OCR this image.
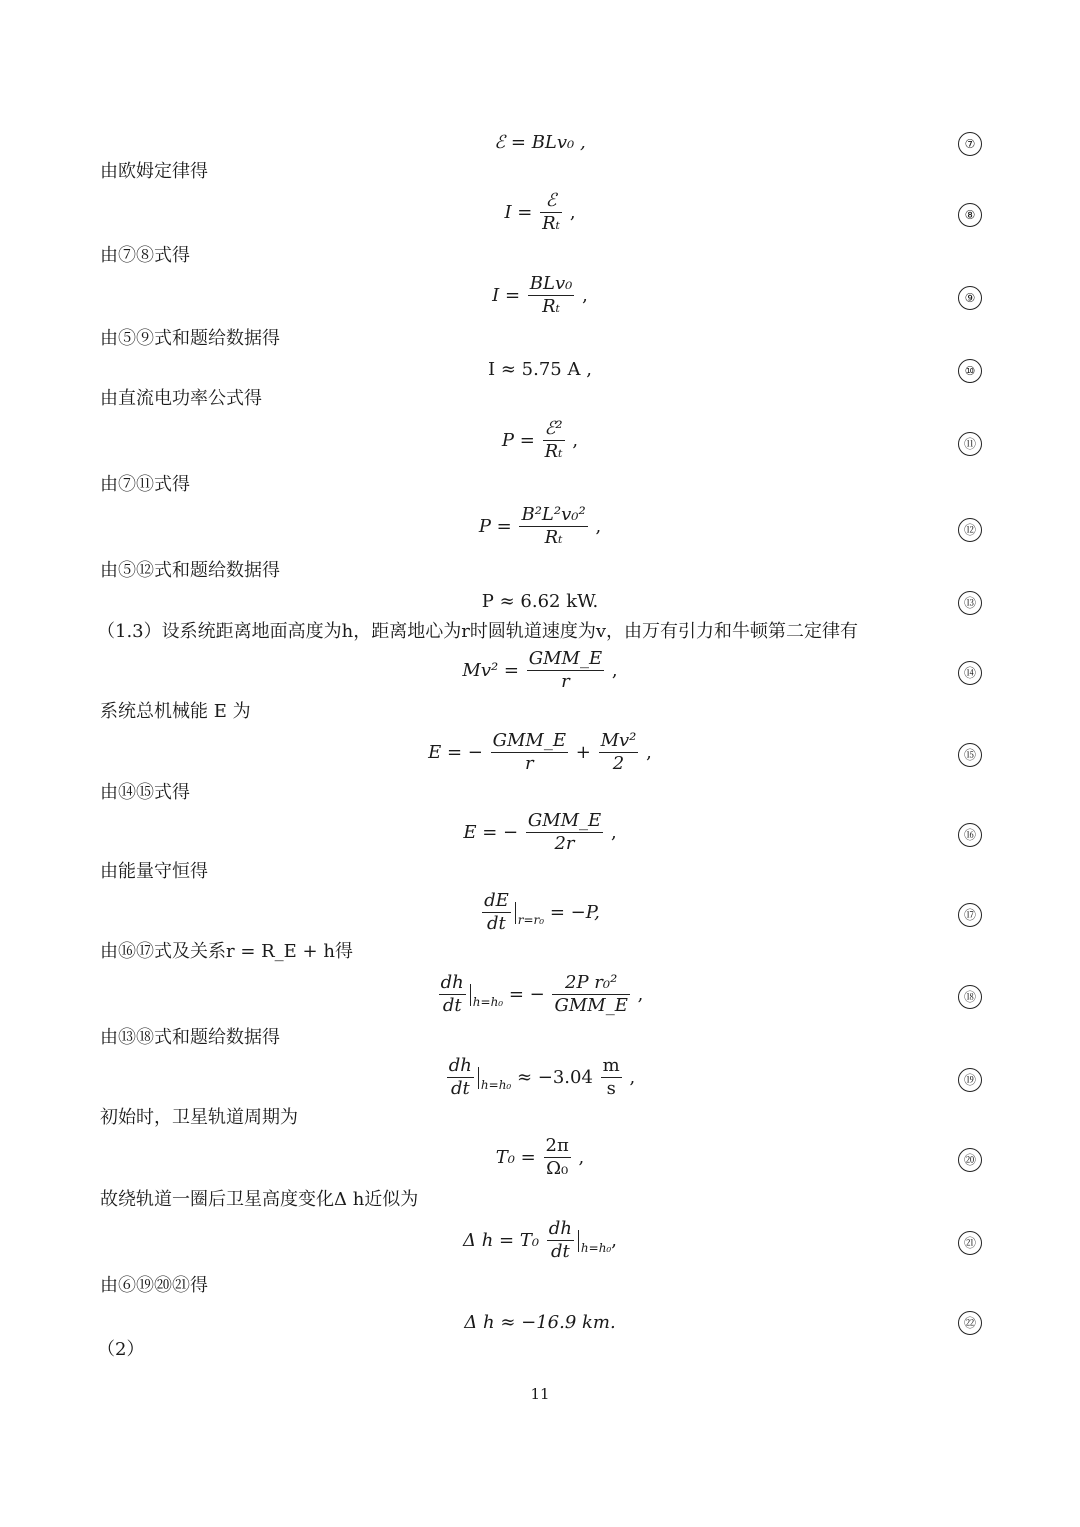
ℰ = BLv₀ ,	⑦
由欧姆定律得
$I = \frac{\text{ℰ}}{\text{Rₜ}}$ ,	⑧
由⑦⑧式得
$I = \frac{\text{BLv₀}}{\text{Rₜ}}$ ,	⑨
由⑤⑨式和题给数据得
I ≈ 5.75 A ,	⑩
由直流电功率公式得
$P = \frac{\text{ℰ²}}{\text{Rₜ}}$ ,	⑪
由⑦⑪式得
$P = \frac{\text{B²L²v₀²}}{\text{Rₜ}}$ ,	⑫
由⑤⑫式和题给数据得
P ≈ 6.62 kW.	⑬
（1.3）设系统距离地面高度为h，距离地心为r时圆轨道速度为v，由万有引力和牛顿第二定律有
$Mv^2 = \frac{\text{GMM\_E}}{r}$ ,	⑭
系统总机械能 E 为
E = − $\frac{\text{GMM\_E}}{r} + \frac{\text{Mv²}}{2}$ ,	⑮
由⑭⑮式得
E = − $\frac{\text{GMM\_E}}{2r}$ ,	⑯
由能量守恒得
$\frac{dE}{dt} r=r_0 = -P$,	⑰
由⑯⑰式及关系r = R_E + h得
$\frac{dh}{dt} h=h_0$ = − $\frac{\text{2P r₀²}}{\text{GMM\_E}}$ ,	⑱
由⑬⑱式和题给数据得
$\frac{dh}{dt} h=h_0 \approx -3.04 \frac{m}{s}$ ,	⑲
初始时，卫星轨道周期为
$T_0 = \frac{2\pi}{\text{Ω₀}}$ ,	⑳
故绕轨道一圈后卫星高度变化Δ h近似为
Δ $h = T_0 \frac{dh}{dt} h=h_0$,	㉑
由⑥⑲⑳㉑得
Δ h ≈ −16.9 km.	㉒
（2）
11
